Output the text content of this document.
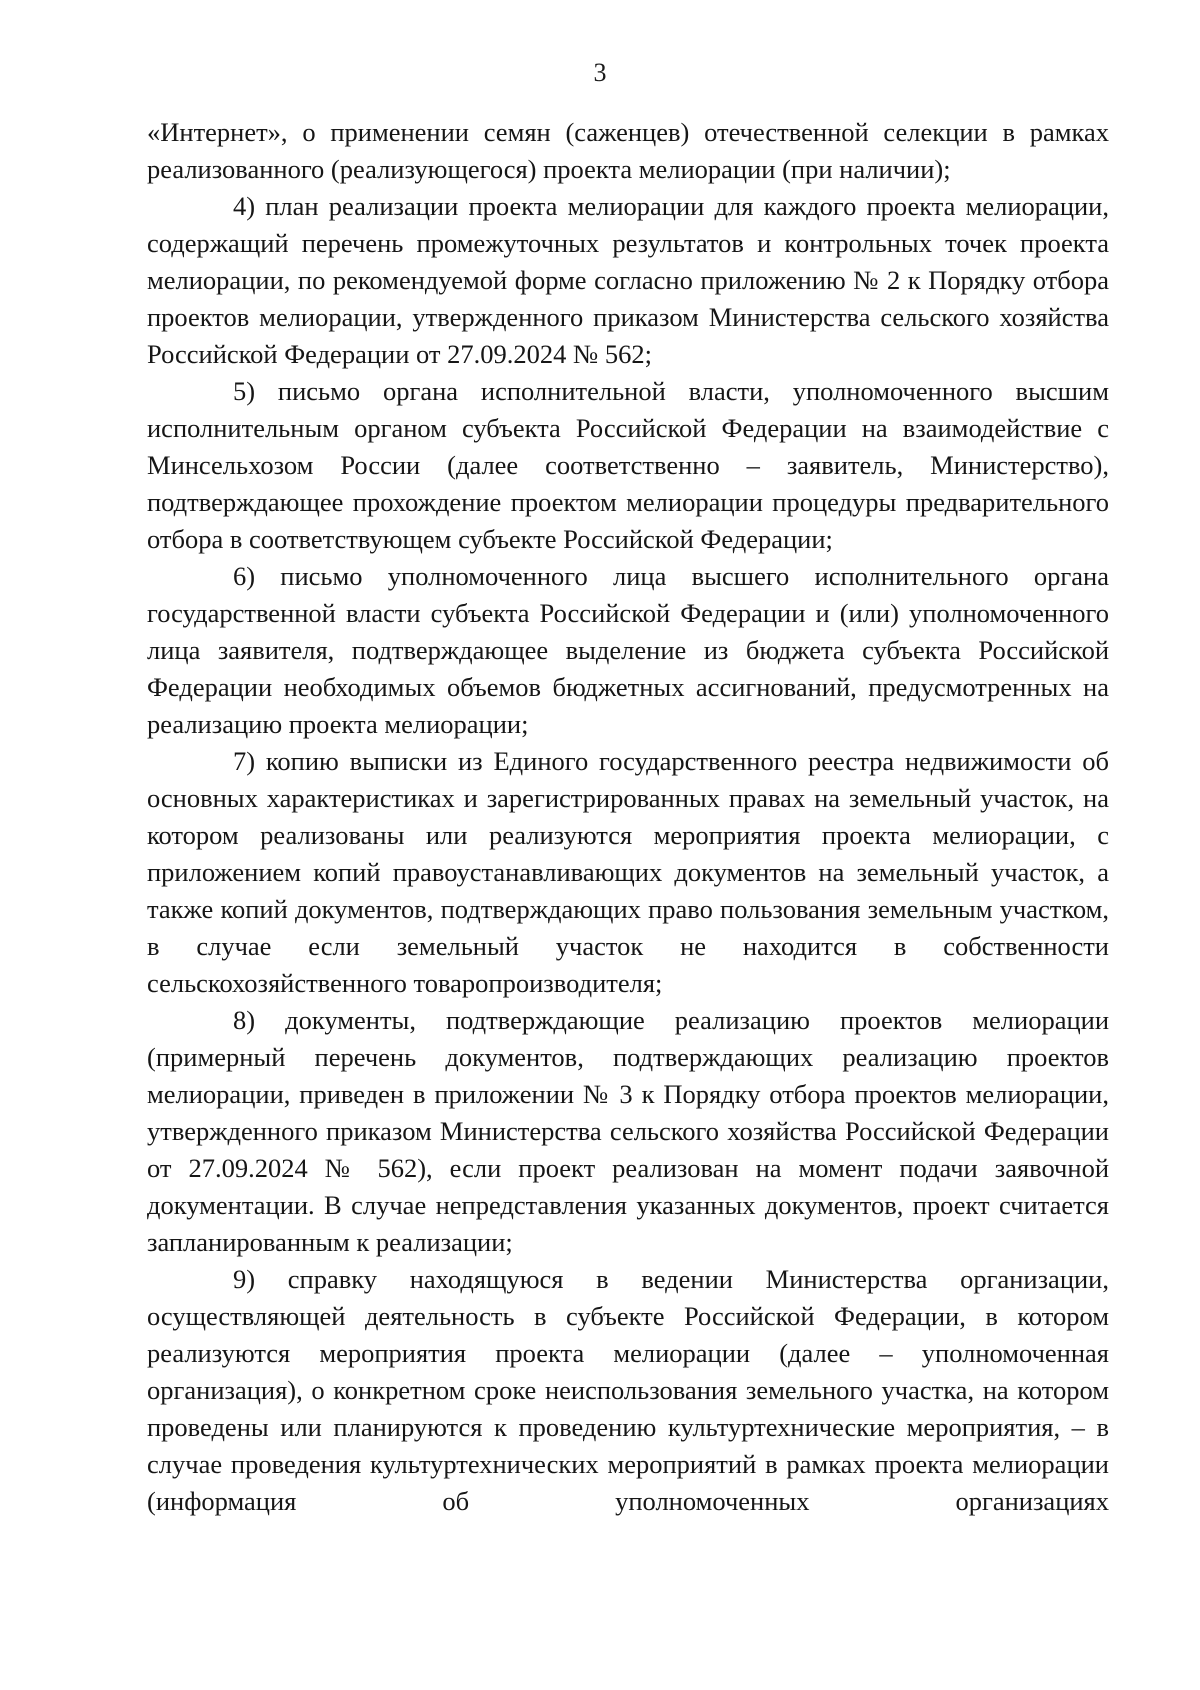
3

«Интернет», о применении семян (саженцев) отечественной селекции в рамках реализованного (реализующегося) проекта мелиорации (при наличии);

4) план реализации проекта мелиорации для каждого проекта мелиорации, содержащий перечень промежуточных результатов и контрольных точек проекта мелиорации, по рекомендуемой форме согласно приложению № 2 к Порядку отбора проектов мелиорации, утвержденного приказом Министерства сельского хозяйства Российской Федерации от 27.09.2024 № 562;

5) письмо органа исполнительной власти, уполномоченного высшим исполнительным органом субъекта Российской Федерации на взаимодействие с Минсельхозом России (далее соответственно – заявитель, Министерство), подтверждающее прохождение проектом мелиорации процедуры предварительного отбора в соответствующем субъекте Российской Федерации;

6) письмо уполномоченного лица высшего исполнительного органа государственной власти субъекта Российской Федерации и (или) уполномоченного лица заявителя, подтверждающее выделение из бюджета субъекта Российской Федерации необходимых объемов бюджетных ассигнований, предусмотренных на реализацию проекта мелиорации;

7) копию выписки из Единого государственного реестра недвижимости об основных характеристиках и зарегистрированных правах на земельный участок, на котором реализованы или реализуются мероприятия проекта мелиорации, с приложением копий правоустанавливающих документов на земельный участок, а также копий документов, подтверждающих право пользования земельным участком, в случае если земельный участок не находится в собственности сельскохозяйственного товаропроизводителя;

8) документы, подтверждающие реализацию проектов мелиорации (примерный перечень документов, подтверждающих реализацию проектов мелиорации, приведен в приложении № 3 к Порядку отбора проектов мелиорации, утвержденного приказом Министерства сельского хозяйства Российской Федерации от 27.09.2024 № 562), если проект реализован на момент подачи заявочной документации. В случае непредставления указанных документов, проект считается запланированным к реализации;

9) справку находящуюся в ведении Министерства организации, осуществляющей деятельность в субъекте Российской Федерации, в котором реализуются мероприятия проекта мелиорации (далее – уполномоченная организация), о конкретном сроке неиспользования земельного участка, на котором проведены или планируются к проведению культуртехнические мероприятия, – в случае проведения культуртехнических мероприятий в рамках проекта мелиорации (информация об уполномоченных организациях
